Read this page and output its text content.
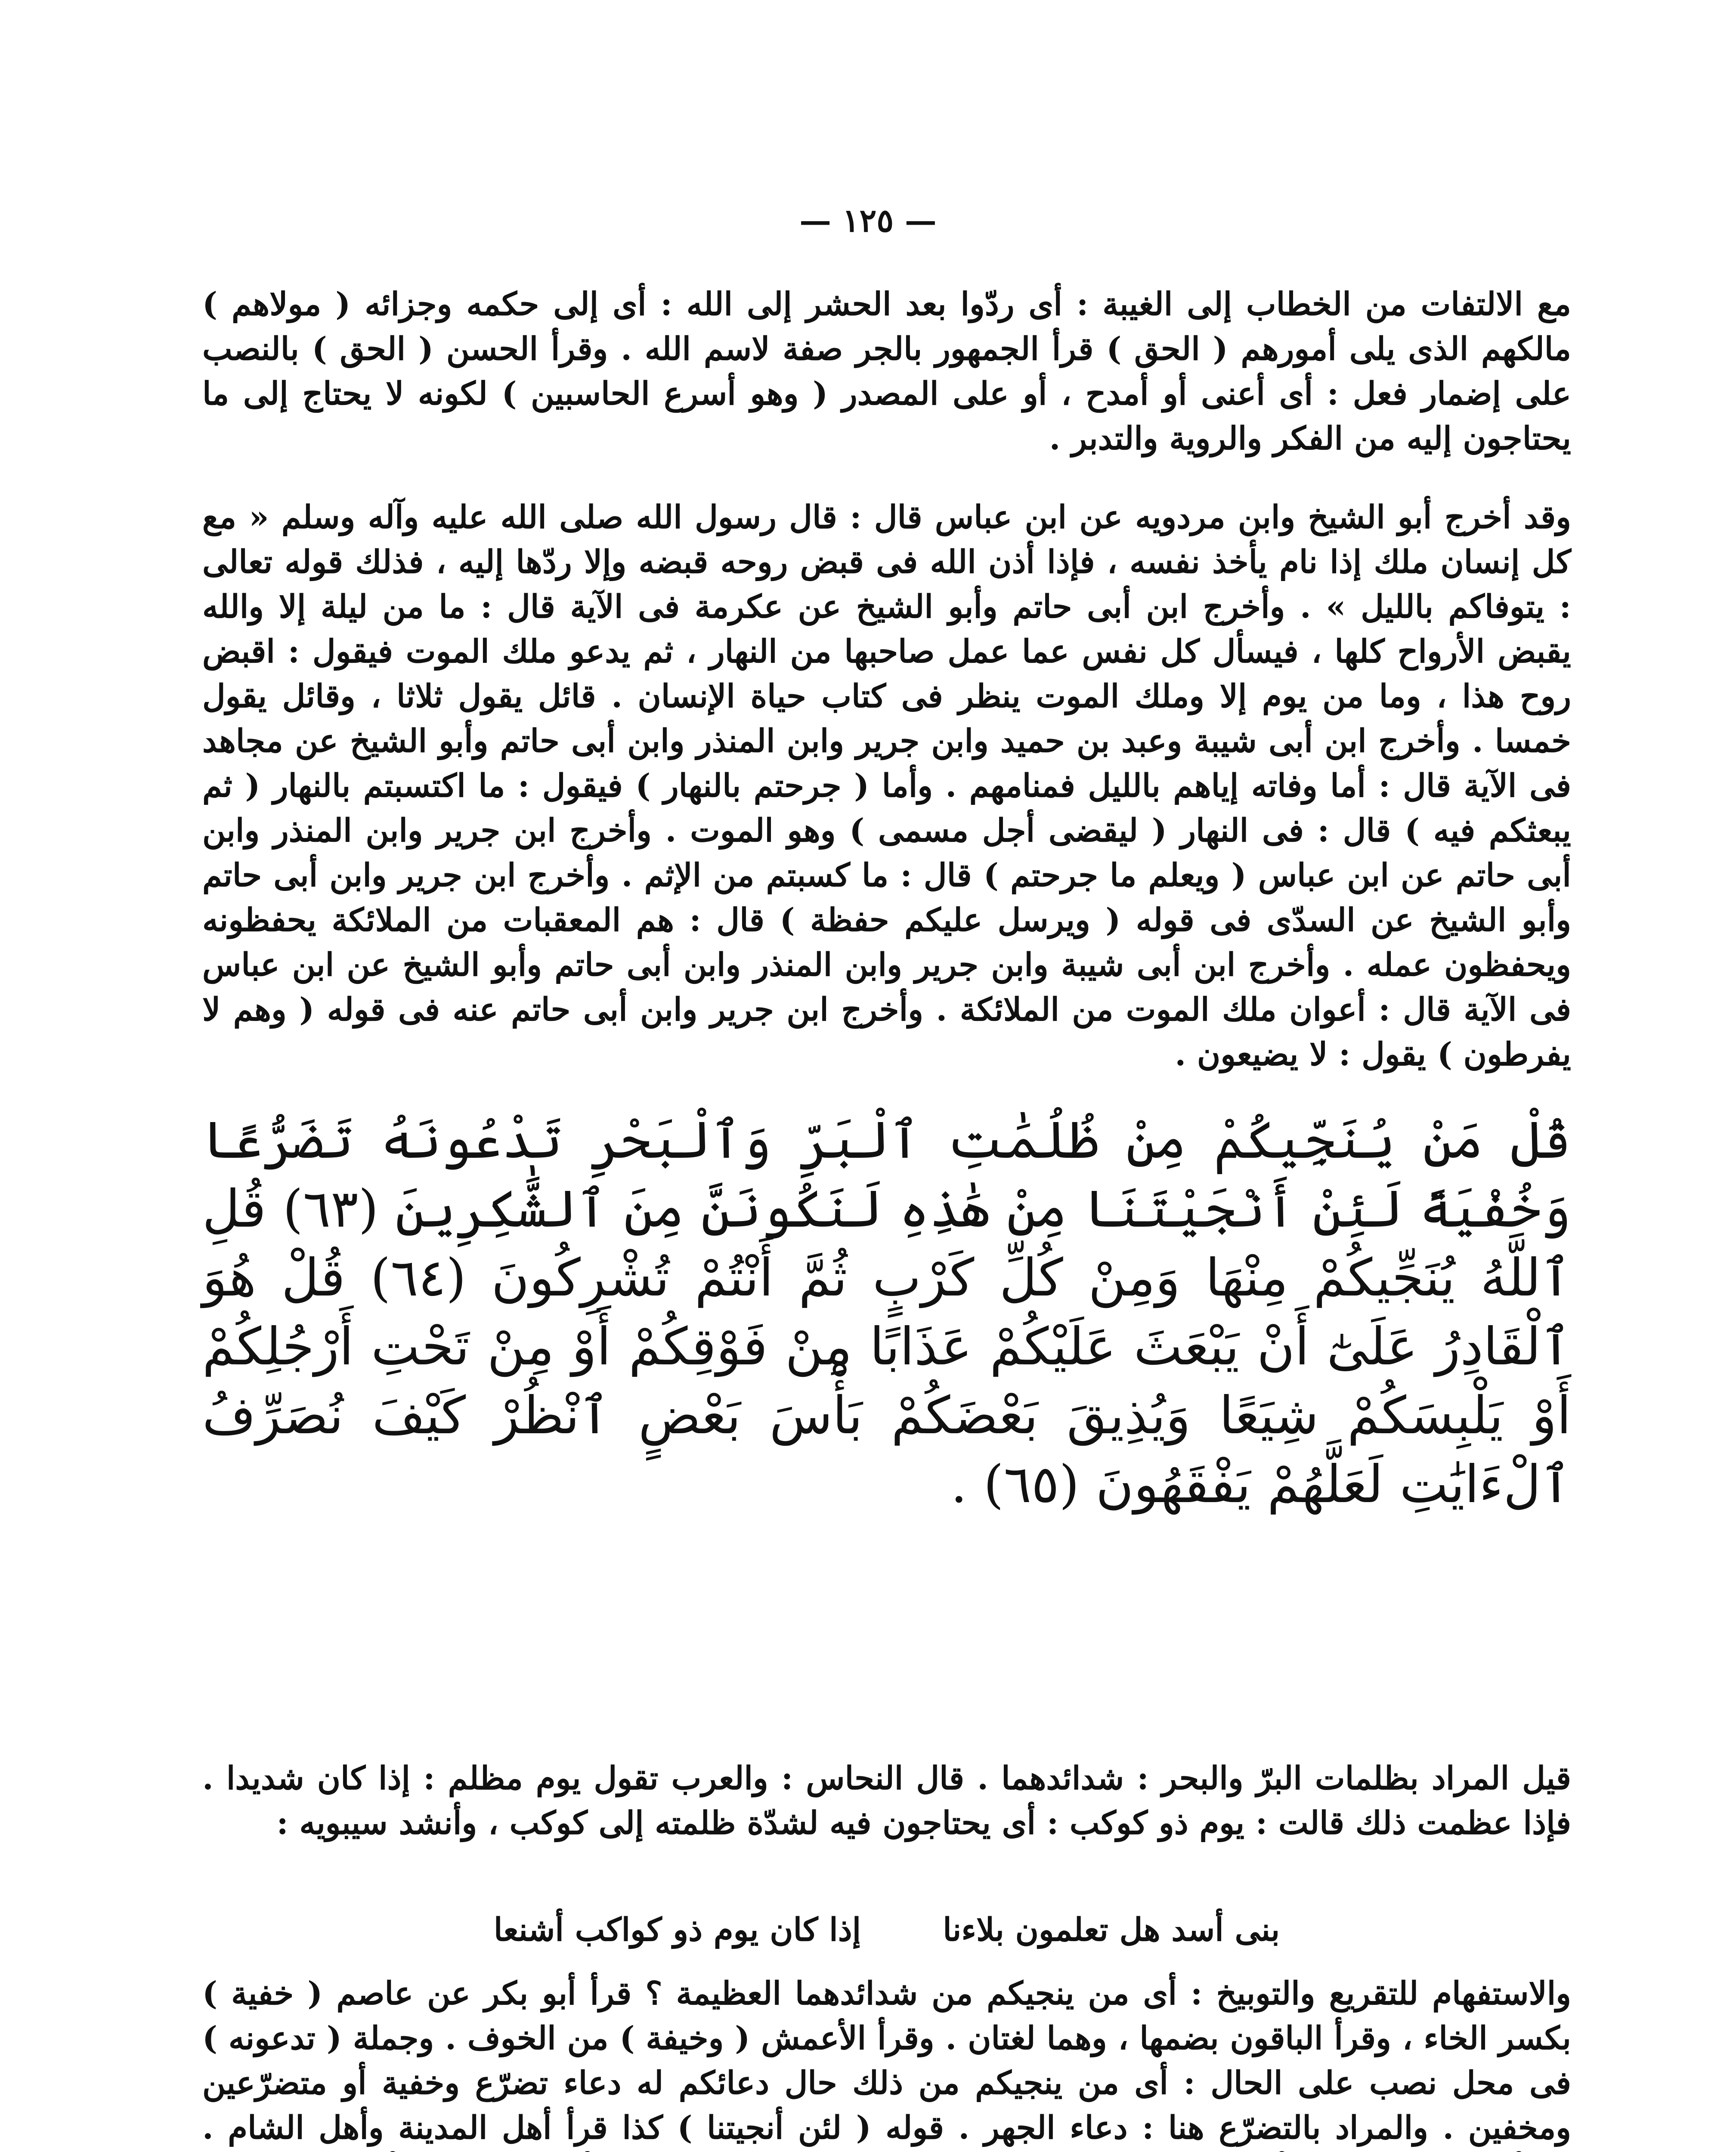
— ١٢٥ —
مع الالتفات من الخطاب إلى الغيبة : أى ردّوا بعد الحشر إلى الله : أى إلى حكمه وجزائه ( مولاهم ) مالكهم الذى يلى أمورهم ( الحق ) قرأ الجمهور بالجر صفة لاسم الله . وقرأ الحسن ( الحق ) بالنصب على إضمار فعل : أى أعنى أو أمدح ، أو على المصدر ( وهو أسرع الحاسبين ) لكونه لا يحتاج إلى ما يحتاجون إليه من الفكر والروية والتدبر .
وقد أخرج أبو الشيخ وابن مردويه عن ابن عباس قال : قال رسول الله صلى الله عليه وآله وسلم « مع كل إنسان ملك إذا نام يأخذ نفسه ، فإذا أذن الله فى قبض روحه قبضه وإلا ردّها إليه ، فذلك قوله تعالى : يتوفاكم بالليل » . وأخرج ابن أبى حاتم وأبو الشيخ عن عكرمة فى الآية قال : ما من ليلة إلا والله يقبض الأرواح كلها ، فيسأل كل نفس عما عمل صاحبها من النهار ، ثم يدعو ملك الموت فيقول : اقبض روح هذا ، وما من يوم إلا وملك الموت ينظر فى كتاب حياة الإنسان . قائل يقول ثلاثا ، وقائل يقول خمسا . وأخرج ابن أبى شيبة وعبد بن حميد وابن جرير وابن المنذر وابن أبى حاتم وأبو الشيخ عن مجاهد فى الآية قال : أما وفاته إياهم بالليل فمنامهم . وأما ( جرحتم بالنهار ) فيقول : ما اكتسبتم بالنهار ( ثم يبعثكم فيه ) قال : فى النهار ( ليقضى أجل مسمى ) وهو الموت . وأخرج ابن جرير وابن المنذر وابن أبى حاتم عن ابن عباس ( ويعلم ما جرحتم ) قال : ما كسبتم من الإثم . وأخرج ابن جرير وابن أبى حاتم وأبو الشيخ عن السدّى فى قوله ( ويرسل عليكم حفظة ) قال : هم المعقبات من الملائكة يحفظونه ويحفظون عمله . وأخرج ابن أبى شيبة وابن جرير وابن المنذر وابن أبى حاتم وأبو الشيخ عن ابن عباس فى الآية قال : أعوان ملك الموت من الملائكة . وأخرج ابن جرير وابن أبى حاتم عنه فى قوله ( وهم لا يفرطون ) يقول : لا يضيعون .
قُلْ مَنْ يُنَجِّيكُمْ مِنْ ظُلُمَٰتِ ٱلْبَرِّ وَٱلْبَحْرِ تَدْعُونَهُ تَضَرُّعًا وَخُفْيَةً لَئِنْ أَنْجَيْتَنَا مِنْ هَٰذِهِ لَنَكُونَنَّ مِنَ ٱلشَّٰكِرِينَ (٦٣) قُلِ ٱللَّهُ يُنَجِّيكُمْ مِنْهَا وَمِنْ كُلِّ كَرْبٍ ثُمَّ أَنْتُمْ تُشْرِكُونَ (٦٤) قُلْ هُوَ ٱلْقَادِرُ عَلَىٰٓ أَنْ يَبْعَثَ عَلَيْكُمْ عَذَابًا مِنْ فَوْقِكُمْ أَوْ مِنْ تَحْتِ أَرْجُلِكُمْ أَوْ يَلْبِسَكُمْ شِيَعًا وَيُذِيقَ بَعْضَكُمْ بَأْسَ بَعْضٍ ٱنْظُرْ كَيْفَ نُصَرِّفُ ٱلْءَايَٰتِ لَعَلَّهُمْ يَفْقَهُونَ (٦٥) .
قيل المراد بظلمات البرّ والبحر : شدائدهما . قال النحاس : والعرب تقول يوم مظلم : إذا كان شديدا . فإذا عظمت ذلك قالت : يوم ذو كوكب : أى يحتاجون فيه لشدّة ظلمته إلى كوكب ، وأنشد سيبويه :
بنى أسد هل تعلمون بلاءنا
إذا كان يوم ذو كواكب أشنعا
والاستفهام للتقريع والتوبيخ : أى من ينجيكم من شدائدهما العظيمة ؟ قرأ أبو بكر عن عاصم ( خفية ) بكسر الخاء ، وقرأ الباقون بضمها ، وهما لغتان . وقرأ الأعمش ( وخيفة ) من الخوف . وجملة ( تدعونه ) فى محل نصب على الحال : أى من ينجيكم من ذلك حال دعائكم له دعاء تضرّع وخفية أو متضرّعين ومخفين . والمراد بالتضرّع هنا : دعاء الجهر . قوله ( لئن أنجيتنا ) كذا قرأ أهل المدينة وأهل الشام .
